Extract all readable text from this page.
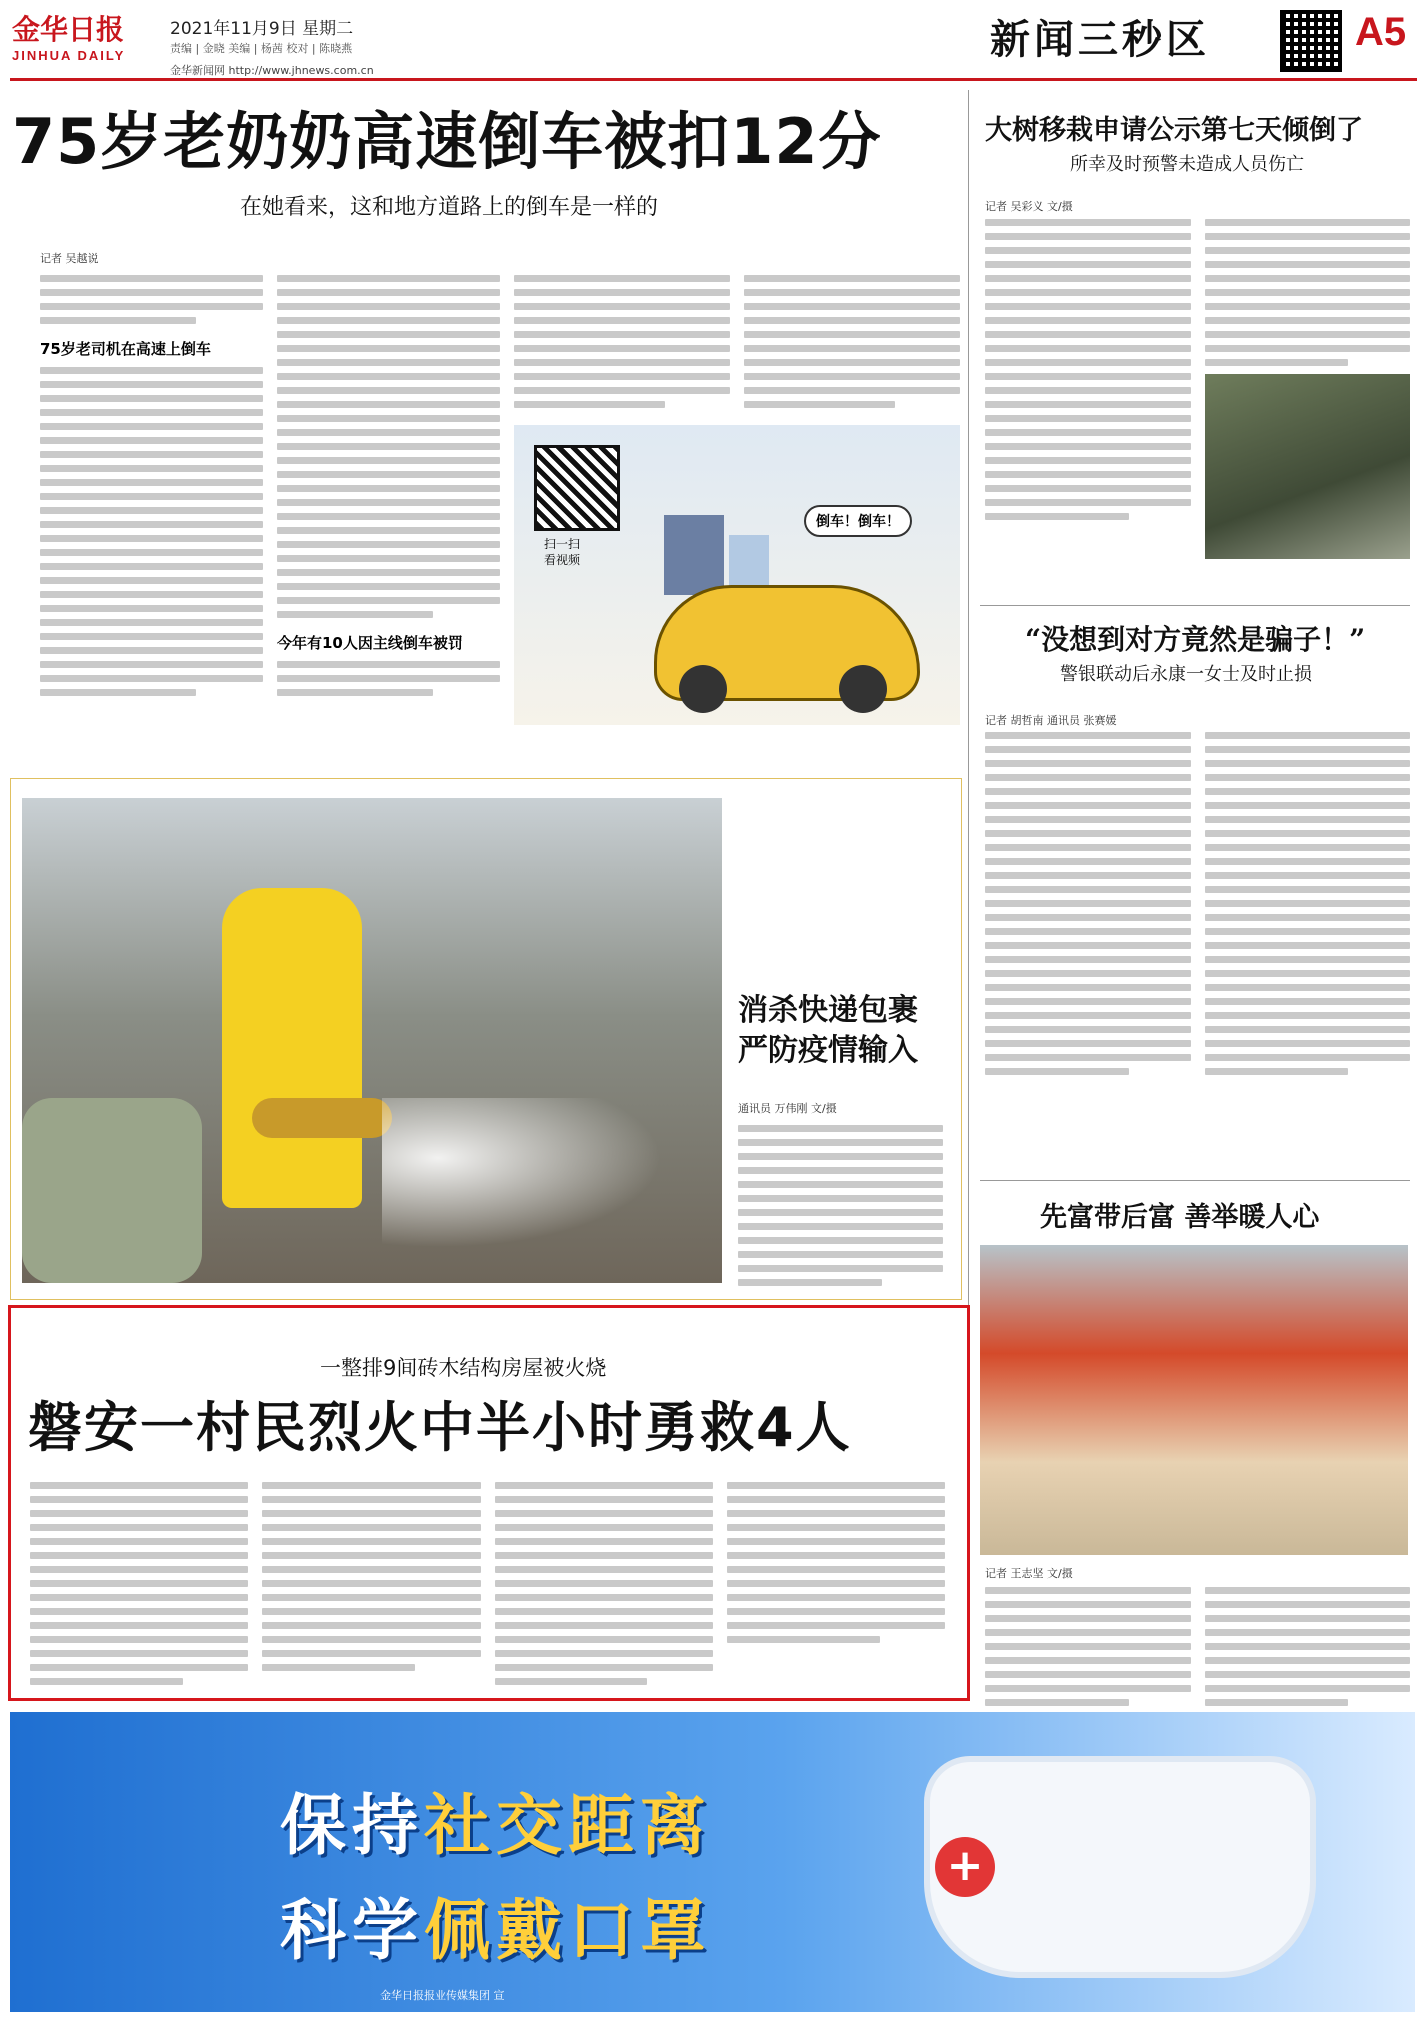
金华日报
JINHUA DAILY
2021年11月9日 星期二
责编 | 金晓 美编 | 杨茜 校对 | 陈晓燕
金华新闻网 http://www.jhnews.com.cn
新闻三秒区	A5
75岁老奶奶高速倒车被扣12分
在她看来，这和地方道路上的倒车是一样的
记者 吴越说
75岁老司机在高速上倒车
今年有10人因主线倒车被罚
扫一扫
看视频
倒车！倒车！
大树移栽申请公示第七天倾倒了
所幸及时预警未造成人员伤亡
记者 吴彩义 文/摄
“没想到对方竟然是骗子！”
警银联动后永康一女士及时止损
记者 胡哲南 通讯员 张赛媛
消杀快递包裹
严防疫情输入
通讯员 万伟刚 文/摄
先富带后富 善举暖人心
记者 王志坚 文/摄
一整排9间砖木结构房屋被火烧
磐安一村民烈火中半小时勇救4人
保持社交距离
科学佩戴口罩
+
金华日报报业传媒集团 宣
